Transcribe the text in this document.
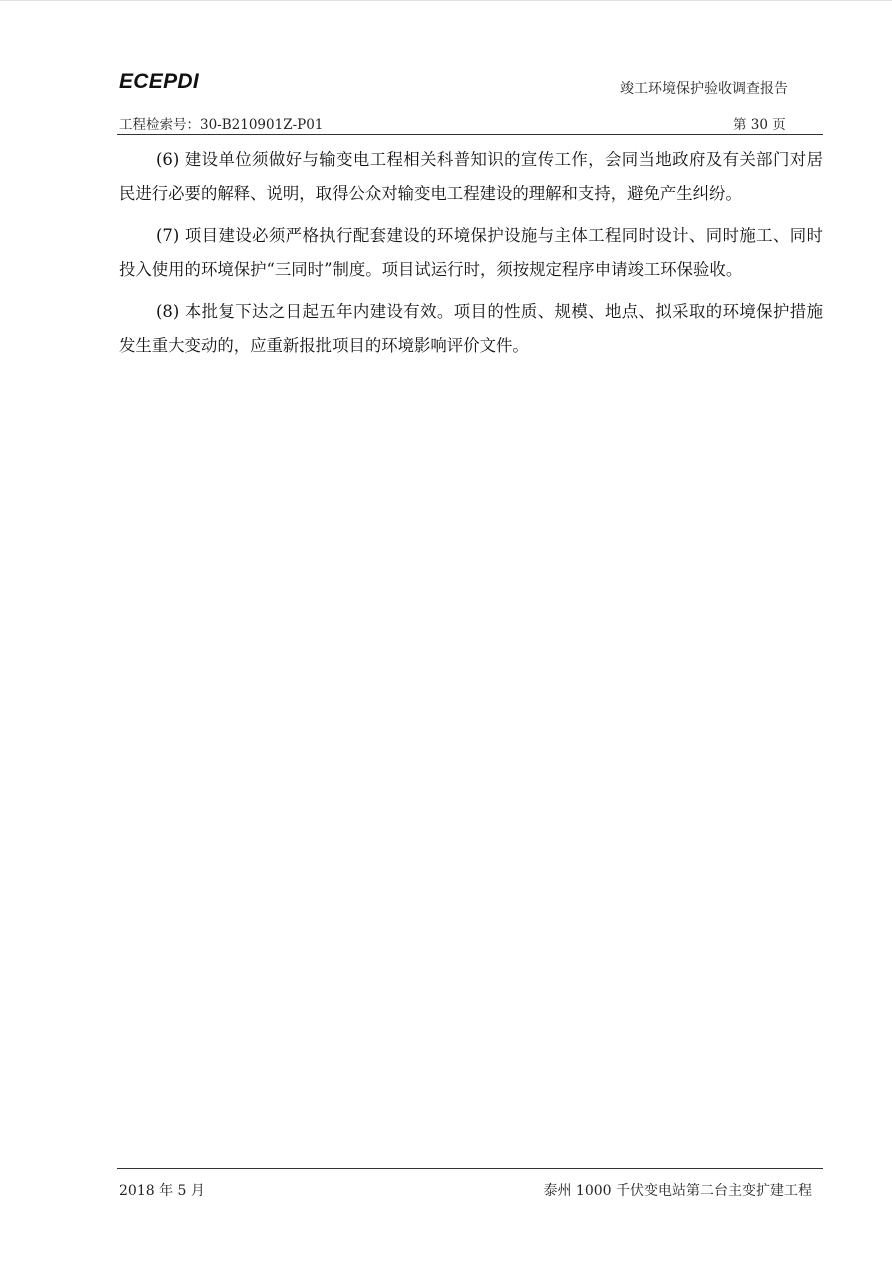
ECEPDI	竣工环境保护验收调查报告
工程检索号：30-B210901Z-P01	第 30 页

(6) 建设单位须做好与输变电工程相关科普知识的宣传工作，会同当地政府及有关部门对居民进行必要的解释、说明，取得公众对输变电工程建设的理解和支持，避免产生纠纷。

(7) 项目建设必须严格执行配套建设的环境保护设施与主体工程同时设计、同时施工、同时投入使用的环境保护“三同时”制度。项目试运行时，须按规定程序申请竣工环保验收。

(8) 本批复下达之日起五年内建设有效。项目的性质、规模、地点、拟采取的环境保护措施发生重大变动的，应重新报批项目的环境影响评价文件。

2018 年 5 月	泰州 1000 千伏变电站第二台主变扩建工程
